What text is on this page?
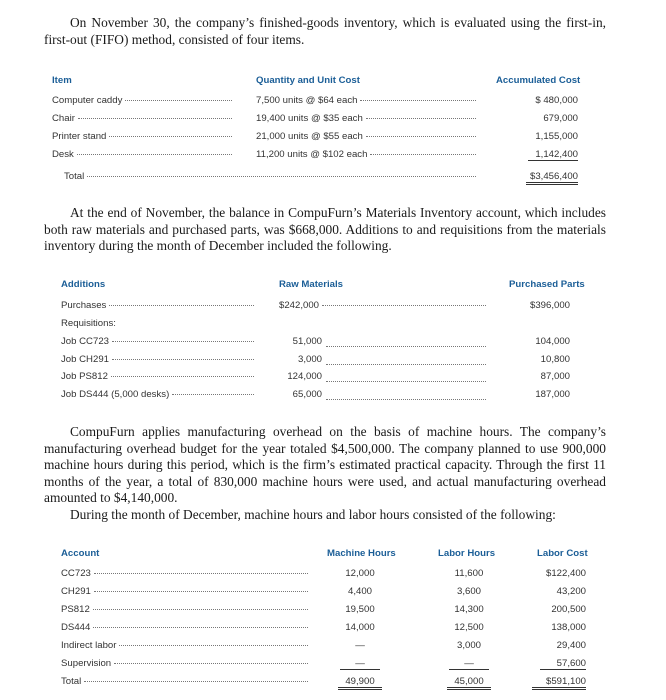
On November 30, the company’s finished-goods inventory, which is evaluated using the first-in, first-out (FIFO) method, consisted of four items.
Item	Quantity and Unit Cost	Accumulated Cost
Computer caddy	7,500 units @ $64 each	$ 480,000
Chair	19,400 units @ $35 each	679,000
Printer stand	21,000 units @ $55 each	1,155,000
Desk	11,200 units @ $102 each	1,142,400
Total	$3,456,400
At the end of November, the balance in CompuFurn’s Materials Inventory account, which includes both raw materials and purchased parts, was $668,000. Additions to and requisitions from the materials inventory during the month of December included the following.
Additions	Raw Materials	Purchased Parts
Purchases	$242,000	$396,000
Requisitions:
Job CC723	51,000	104,000
Job CH291	3,000	10,800
Job PS812	124,000	87,000
Job DS444 (5,000 desks)	65,000	187,000
CompuFurn applies manufacturing overhead on the basis of machine hours. The company’s manufacturing overhead budget for the year totaled $4,500,000. The company planned to use 900,000 machine hours during this period, which is the firm’s estimated practical capacity. Through the first 11 months of the year, a total of 830,000 machine hours were used, and actual manufacturing overhead amounted to $4,140,000.
During the month of December, machine hours and labor hours consisted of the following:
Account	Machine Hours	Labor Hours	Labor Cost
CC723	12,000	11,600	$122,400
CH291	4,400	3,600	43,200
PS812	19,500	14,300	200,500
DS444	14,000	12,500	138,000
Indirect labor	—	3,000	29,400
Supervision	—	—	57,600
Total	49,900	45,000	$591,100
